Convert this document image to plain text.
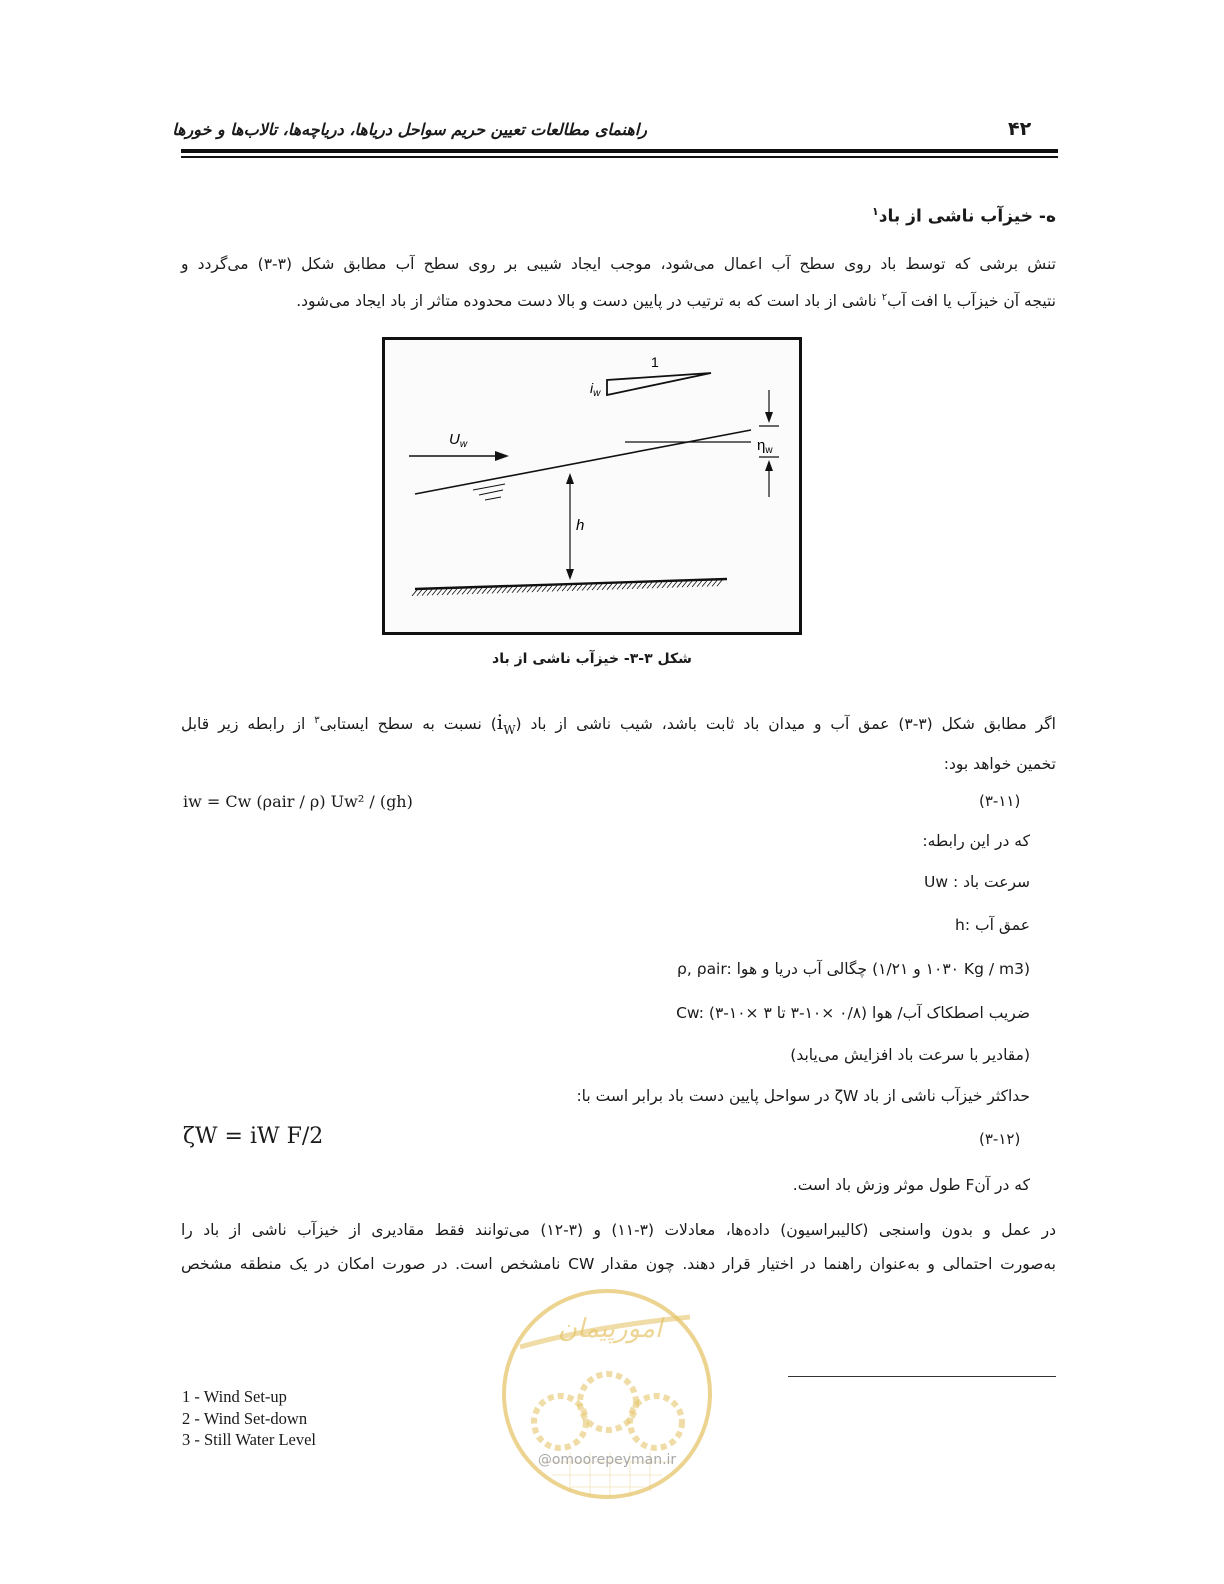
راهنمای مطالعات تعیین حریم سواحل دریاها، دریاچه‌ها، تالاب‌ها و خورها	۴۲
ه- خیزآب ناشی از باد$^۱$
تنش برشی که توسط باد روی سطح آب اعمال می‌شود، موجب ایجاد شیبی بر روی سطح آب مطابق شکل (۳-۳) می‌گردد و
نتیجه آن خیزآب یا افت آب$^۲$ ناشی از باد است که به ترتیب در پایین دست و بالا دست محدوده متاثر از باد ایجاد می‌شود.
1
$i_w$
$U_w$	$\eta_w$
h
شکل ۳-۳- خیزآب ناشی از باد
اگر مطابق شکل (۳-۳) عمق آب و میدان باد ثابت باشد، شیب ناشی از باد $(i_W)$ نسبت به سطح ایستابی$^۳$ از رابطه زیر قابل
تخمین خواهد بود:
iw = Cw (ρair / ρ) Uw² / (gh)	(۳-۱۱)
که در این رابطه:
Uw : سرعت باد
h: عمق آب
ρ, ρair: چگالی آب دریا و هوا (۱۰۳۰ و ۱/۲۱ Kg / m3)
Cw: ضریب اصطکاک آب/ هوا (۰/۸ ×۱۰-۳ تا ۳ ×۱۰-۳)
(مقادیر با سرعت باد افزایش می‌یابد)
حداکثر خیزآب ناشی از باد ζW در سواحل پایین دست باد برابر است با:
ζW = iW F/2	(۳-۱۲)
که در آنF طول موثر وزش باد است.
در عمل و بدون واسنجی (کالیبراسیون) داده‌ها، معادلات (۳-۱۱) و (۳-۱۲) می‌توانند فقط مقادیری از خیزآب ناشی از باد را
به‌صورت احتمالی و به‌عنوان راهنما در اختیار قرار دهند. چون مقدار CW نامشخص است. در صورت امکان در یک منطقه مشخص
امورپیمان
@omoorepeyman.ir
1 - Wind Set-up
2 - Wind Set-down
3 - Still Water Level
